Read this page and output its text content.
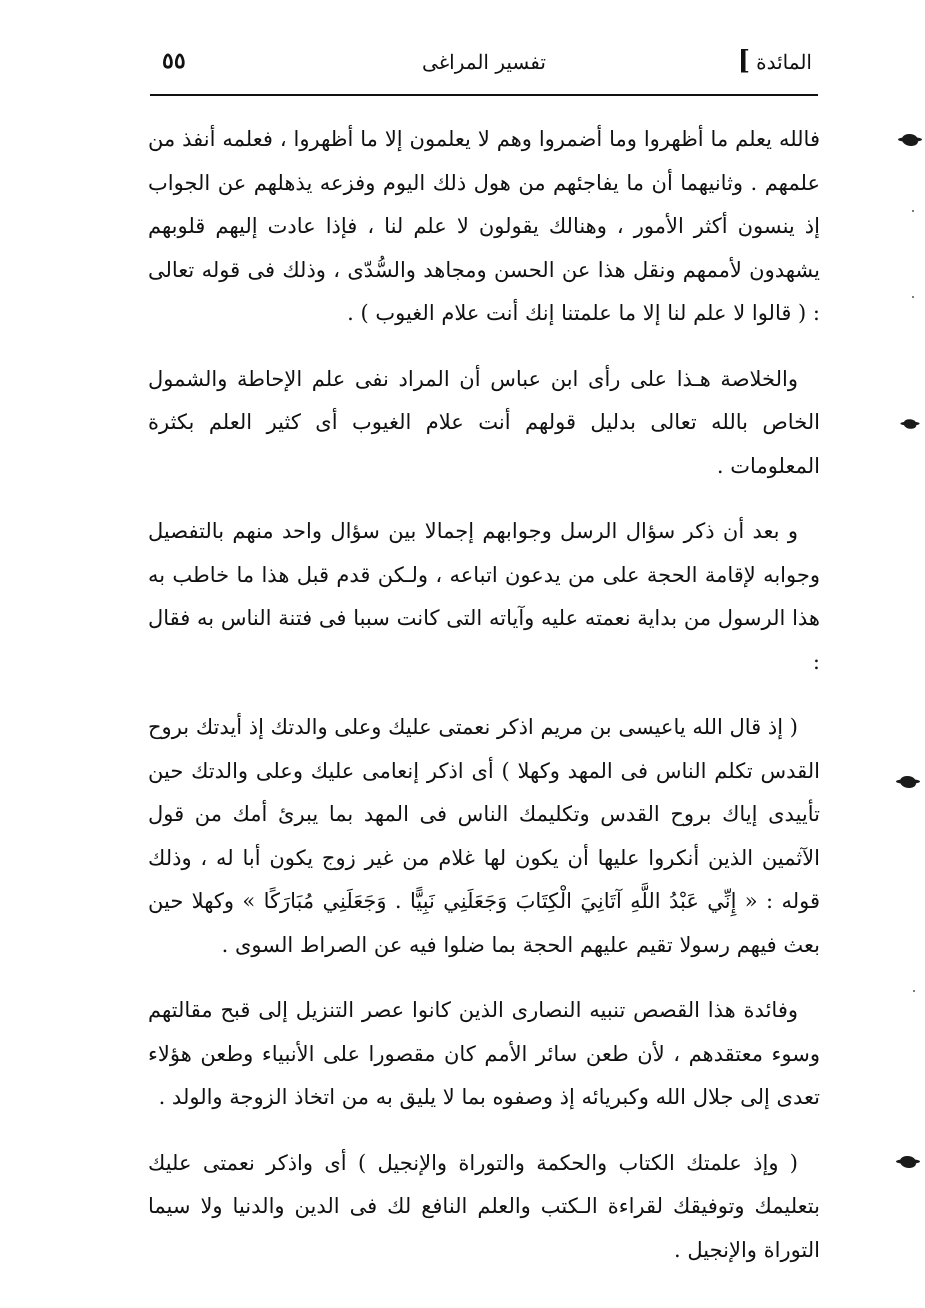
المائدة
]
تفسير المراغى
٥٥

فالله يعلم ما أظهروا وما أضمروا وهم لا يعلمون إلا ما أظهروا ، فعلمه أنفذ من علمهم . وثانيهما أن ما يفاجئهم من هول ذلك اليوم وفزعه يذهلهم عن الجواب إذ ينسون أكثر الأمور ، وهنالك يقولون لا علم لنا ، فإذا عادت إليهم قلوبهم يشهدون لأممهم ونقل هذا عن الحسن ومجاهد والسُّدّى ، وذلك فى قوله تعالى : ( قالوا لا علم لنا إلا ما علمتنا إنك أنت علام الغيوب ) .

والخلاصة هـذا على رأى ابن عباس أن المراد نفى علم الإحاطة والشمول الخاص بالله تعالى بدليل قولهم أنت علام الغيوب أى كثير العلم بكثرة المعلومات .

و بعد أن ذكر سؤال الرسل وجوابهم إجمالا بين سؤال واحد منهم بالتفصيل وجوابه لإقامة الحجة على من يدعون اتباعه ، ولـكن قدم قبل هذا ما خاطب به هذا الرسول من بداية نعمته عليه وآياته التى كانت سببا فى فتنة الناس به فقال :

( إذ قال الله ياعيسى بن مريم اذكر نعمتى عليك وعلى والدتك إذ أيدتك بروح القدس تكلم الناس فى المهد وكهلا ) أى اذكر إنعامى عليك وعلى والدتك حين تأييدى إياك بروح القدس وتكليمك الناس فى المهد بما يبرئ أمك من قول الآثمين الذين أنكروا عليها أن يكون لها غلام من غير زوج يكون أبا له ، وذلك قوله : « إِنِّي عَبْدُ اللَّهِ آتَانِيَ الْكِتَابَ وَجَعَلَنِي نَبِيًّا . وَجَعَلَنِي مُبَارَكًا » وكهلا حين بعث فيهم رسولا تقيم عليهم الحجة بما ضلوا فيه عن الصراط السوى .

وفائدة هذا القصص تنبيه النصارى الذين كانوا عصر التنزيل إلى قبح مقالتهم وسوء معتقدهم ، لأن طعن سائر الأمم كان مقصورا على الأنبياء وطعن هؤلاء تعدى إلى جلال الله وكبريائه إذ وصفوه بما لا يليق به من اتخاذ الزوجة والولد .

( وإذ علمتك الكتاب والحكمة والتوراة والإنجيل ) أى واذكر نعمتى عليك بتعليمك وتوفيقك لقراءة الـكتب والعلم النافع لك فى الدين والدنيا ولا سيما التوراة والإنجيل .
